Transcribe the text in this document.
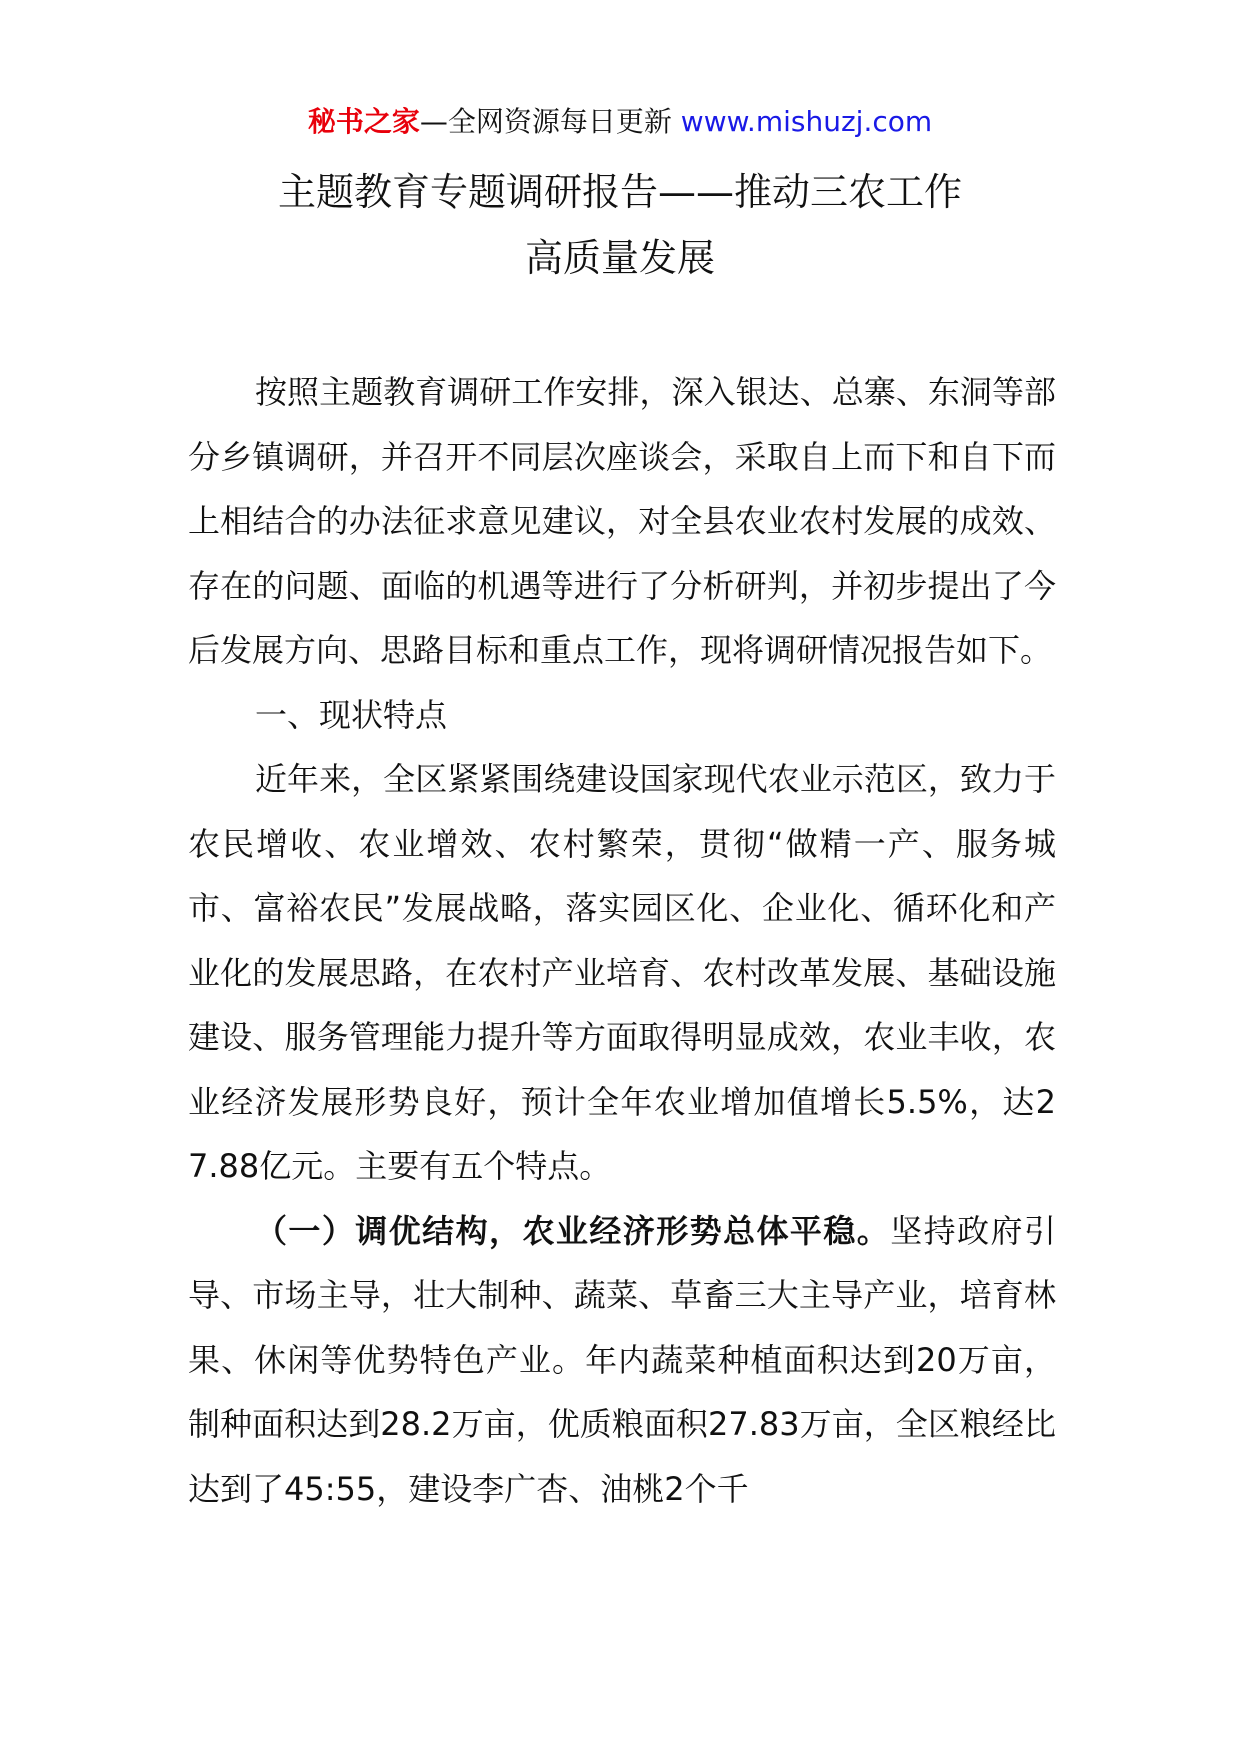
秘书之家—全网资源每日更新 www.mishuzj.com
主题教育专题调研报告——推动三农工作
高质量发展

按照主题教育调研工作安排，深入银达、总寨、东洞等部分乡镇调研，并召开不同层次座谈会，采取自上而下和自下而上相结合的办法征求意见建议，对全县农业农村发展的成效、存在的问题、面临的机遇等进行了分析研判，并初步提出了今后发展方向、思路目标和重点工作，现将调研情况报告如下。

一、现状特点

近年来，全区紧紧围绕建设国家现代农业示范区，致力于农民增收、农业增效、农村繁荣，贯彻“做精一产、服务城市、富裕农民”发展战略，落实园区化、企业化、循环化和产业化的发展思路，在农村产业培育、农村改革发展、基础设施建设、服务管理能力提升等方面取得明显成效，农业丰收，农业经济发展形势良好，预计全年农业增加值增长5.5%，达27.88亿元。主要有五个特点。

（一）调优结构，农业经济形势总体平稳。坚持政府引导、市场主导，壮大制种、蔬菜、草畜三大主导产业，培育林果、休闲等优势特色产业。年内蔬菜种植面积达到20万亩，制种面积达到28.2万亩，优质粮面积27.83万亩，全区粮经比达到了45:55，建设李广杏、油桃2个千
